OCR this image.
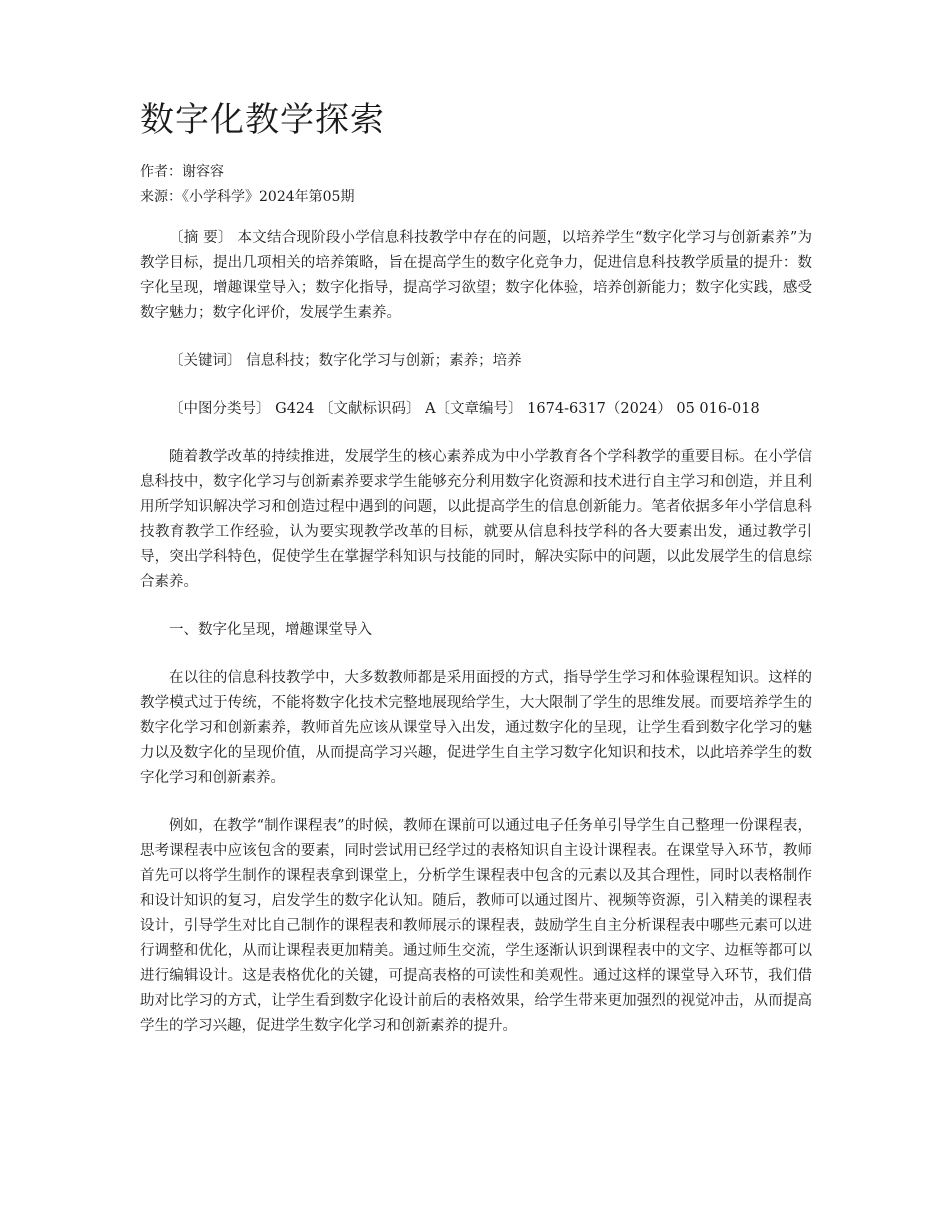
数字化教学探索

作者：谢容容

来源：《小学科学》2024年第05期

〔摘 要〕 本文结合现阶段小学信息科技教学中存在的问题，以培养学生“数字化学习与创新素养”为教学目标，提出几项相关的培养策略，旨在提高学生的数字化竞争力，促进信息科技教学质量的提升：数字化呈现，增趣课堂导入；数字化指导，提高学习欲望；数字化体验，培养创新能力；数字化实践，感受数字魅力；数字化评价，发展学生素养。

〔关键词〕 信息科技；数字化学习与创新；素养；培养

〔中图分类号〕 G424 〔文献标识码〕 A〔文章编号〕 1674-6317（2024） 05 016-018

随着教学改革的持续推进，发展学生的核心素养成为中小学教育各个学科教学的重要目标。在小学信息科技中，数字化学习与创新素养要求学生能够充分利用数字化资源和技术进行自主学习和创造，并且利用所学知识解决学习和创造过程中遇到的问题，以此提高学生的信息创新能力。笔者依据多年小学信息科技教育教学工作经验，认为要实现教学改革的目标，就要从信息科技学科的各大要素出发，通过教学引导，突出学科特色，促使学生在掌握学科知识与技能的同时，解决实际中的问题，以此发展学生的信息综合素养。

一、数字化呈现，增趣课堂导入

在以往的信息科技教学中，大多数教师都是采用面授的方式，指导学生学习和体验课程知识。这样的教学模式过于传统，不能将数字化技术完整地展现给学生，大大限制了学生的思维发展。而要培养学生的数字化学习和创新素养，教师首先应该从课堂导入出发，通过数字化的呈现，让学生看到数字化学习的魅力以及数字化的呈现价值，从而提高学习兴趣，促进学生自主学习数字化知识和技术，以此培养学生的数字化学习和创新素养。

例如，在教学“制作课程表”的时候，教师在课前可以通过电子任务单引导学生自己整理一份课程表，思考课程表中应该包含的要素，同时尝试用已经学过的表格知识自主设计课程表。在课堂导入环节，教师首先可以将学生制作的课程表拿到课堂上，分析学生课程表中包含的元素以及其合理性，同时以表格制作和设计知识的复习，启发学生的数字化认知。随后，教师可以通过图片、视频等资源，引入精美的课程表设计，引导学生对比自己制作的课程表和教师展示的课程表，鼓励学生自主分析课程表中哪些元素可以进行调整和优化，从而让课程表更加精美。通过师生交流，学生逐渐认识到课程表中的文字、边框等都可以进行编辑设计。这是表格优化的关键，可提高表格的可读性和美观性。通过这样的课堂导入环节，我们借助对比学习的方式，让学生看到数字化设计前后的表格效果，给学生带来更加强烈的视觉冲击，从而提高学生的学习兴趣，促进学生数字化学习和创新素养的提升。
